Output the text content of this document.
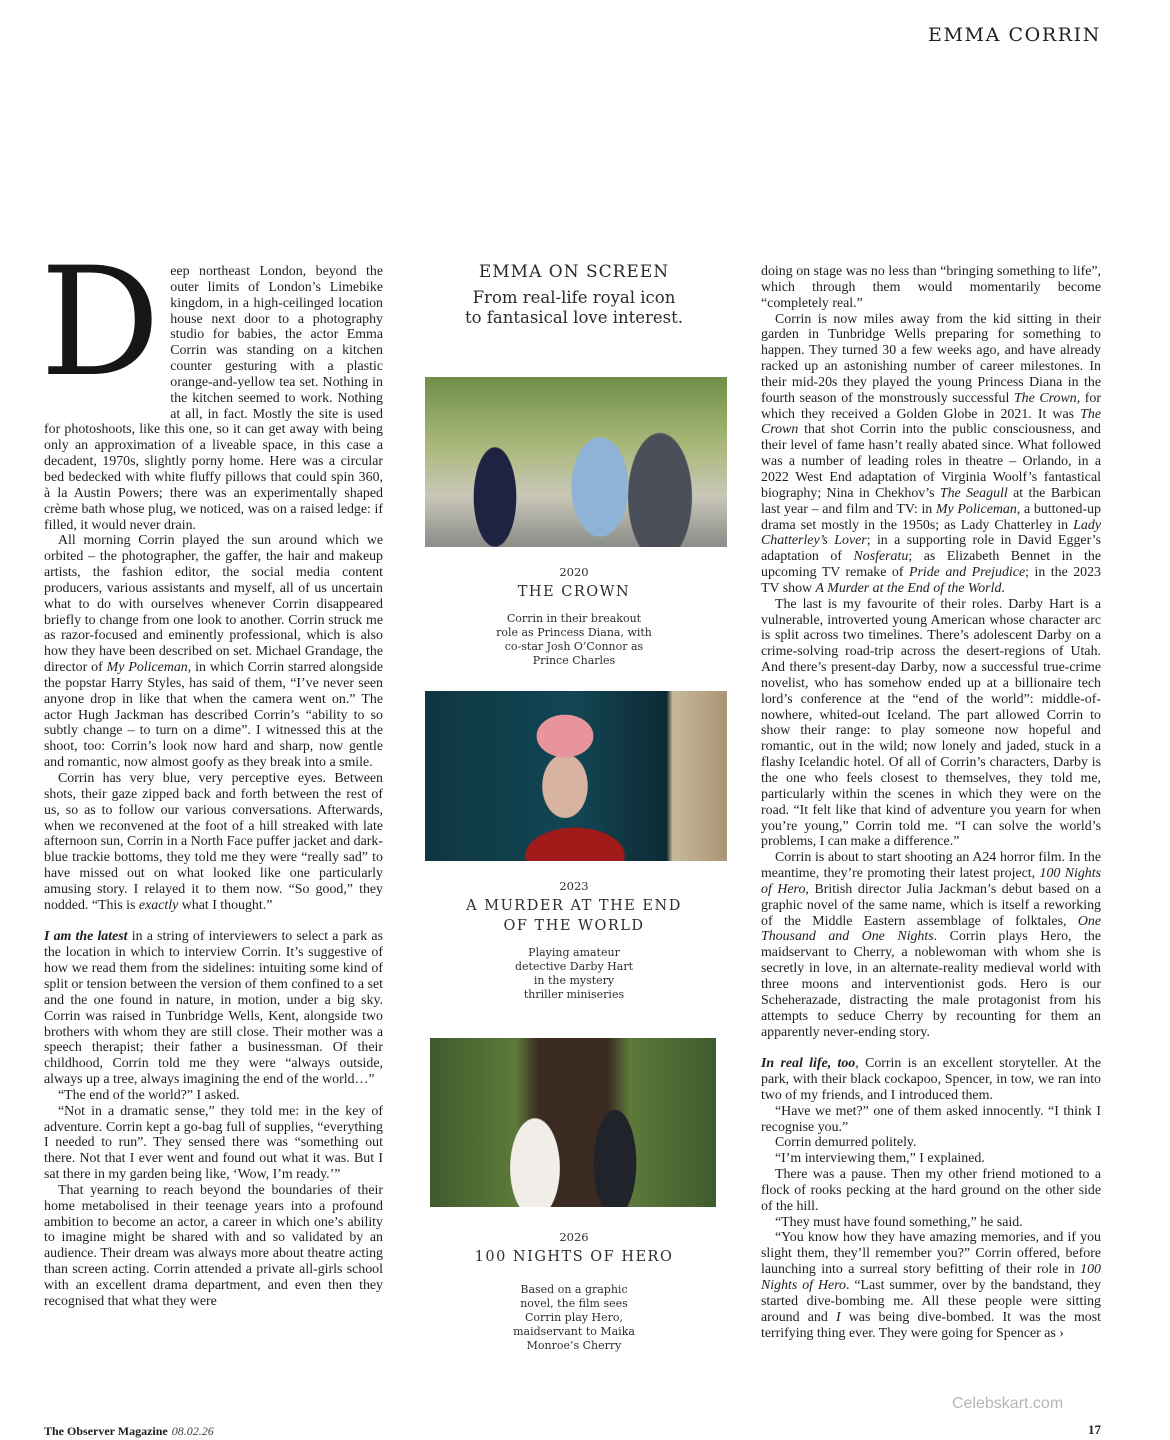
EMMA CORRIN
D eep northeast London, beyond the outer limits of London’s Limebike kingdom, in a high-ceilinged location house next door to a photography studio for babies, the actor Emma Corrin was standing on a kitchen counter gesturing with a plastic orange-and-yellow tea set. Nothing in the kitchen seemed to work. Nothing at all, in fact. Mostly the site is used for photoshoots, like this one, so it can get away with being only an approximation of a liveable space, in this case a decadent, 1970s, slightly porny home. Here was a circular bed bedecked with white fluffy pillows that could spin 360, à la Austin Powers; there was an experimentally shaped crème bath whose plug, we noticed, was on a raised ledge: if filled, it would never drain.

All morning Corrin played the sun around which we orbited – the photographer, the gaffer, the hair and makeup artists, the fashion editor, the social media content producers, various assistants and myself, all of us uncertain what to do with ourselves whenever Corrin disappeared briefly to change from one look to another. Corrin struck me as razor-focused and eminently professional, which is also how they have been described on set. Michael Grandage, the director of My Policeman, in which Corrin starred alongside the popstar Harry Styles, has said of them, “I’ve never seen anyone drop in like that when the camera went on.” The actor Hugh Jackman has described Corrin’s “ability to so subtly change – to turn on a dime”. I witnessed this at the shoot, too: Corrin’s look now hard and sharp, now gentle and romantic, now almost goofy as they break into a smile.

Corrin has very blue, very perceptive eyes. Between shots, their gaze zipped back and forth between the rest of us, so as to follow our various conversations. Afterwards, when we reconvened at the foot of a hill streaked with late afternoon sun, Corrin in a North Face puffer jacket and dark-blue trackie bottoms, they told me they were “really sad” to have missed out on what looked like one particularly amusing story. I relayed it to them now. “So good,” they nodded. “This is exactly what I thought.”

I am the latest in a string of interviewers to select a park as the location in which to interview Corrin. It’s suggestive of how we read them from the sidelines: intuiting some kind of split or tension between the version of them confined to a set and the one found in nature, in motion, under a big sky. Corrin was raised in Tunbridge Wells, Kent, alongside two brothers with whom they are still close. Their mother was a speech therapist; their father a businessman. Of their childhood, Corrin told me they were “always outside, always up a tree, always imagining the end of the world…”

“The end of the world?” I asked.

“Not in a dramatic sense,” they told me: in the key of adventure. Corrin kept a go-bag full of supplies, “everything I needed to run”. They sensed there was “something out there. Not that I ever went and found out what it was. But I sat there in my garden being like, ‘Wow, I’m ready.’”

That yearning to reach beyond the boundaries of their home metabolised in their teenage years into a profound ambition to become an actor, a career in which one’s ability to imagine might be shared with and so validated by an audience. Their dream was always more about theatre acting than screen acting. Corrin attended a private all-girls school with an excellent drama department, and even then they recognised that what they were

EMMA ON SCREEN
From real-life royal icon
to fantasical love interest.
2020
THE CROWN
Corrin in their breakout
role as Princess Diana, with
co-star Josh O’Connor as
Prince Charles
2023
A MURDER AT THE END OF THE WORLD
Playing amateur
detective Darby Hart
in the mystery
thriller miniseries
2026
100 NIGHTS OF HERO
Based on a graphic
novel, the film sees
Corrin play Hero,
maidservant to Maika
Monroe’s Cherry

doing on stage was no less than “bringing something to life”, which through them would momentarily become “completely real.”

Corrin is now miles away from the kid sitting in their garden in Tunbridge Wells preparing for something to happen. They turned 30 a few weeks ago, and have already racked up an astonishing number of career milestones. In their mid-20s they played the young Princess Diana in the fourth season of the monstrously successful The Crown, for which they received a Golden Globe in 2021. It was The Crown that shot Corrin into the public consciousness, and their level of fame hasn’t really abated since. What followed was a number of leading roles in theatre – Orlando, in a 2022 West End adaptation of Virginia Woolf’s fantastical biography; Nina in Chekhov’s The Seagull at the Barbican last year – and film and TV: in My Policeman, a buttoned-up drama set mostly in the 1950s; as Lady Chatterley in Lady Chatterley’s Lover; in a supporting role in David Egger’s adaptation of Nosferatu; as Elizabeth Bennet in the upcoming TV remake of Pride and Prejudice; in the 2023 TV show A Murder at the End of the World.

The last is my favourite of their roles. Darby Hart is a vulnerable, introverted young American whose character arc is split across two timelines. There’s adolescent Darby on a crime-solving road-trip across the desert-regions of Utah. And there’s present-day Darby, now a successful true-crime novelist, who has somehow ended up at a billionaire tech lord’s conference at the “end of the world”: middle-of-nowhere, whited-out Iceland. The part allowed Corrin to show their range: to play someone now hopeful and romantic, out in the wild; now lonely and jaded, stuck in a flashy Icelandic hotel. Of all of Corrin’s characters, Darby is the one who feels closest to themselves, they told me, particularly within the scenes in which they were on the road. “It felt like that kind of adventure you yearn for when you’re young,” Corrin told me. “I can solve the world’s problems, I can make a difference.”

Corrin is about to start shooting an A24 horror film. In the meantime, they’re promoting their latest project, 100 Nights of Hero, British director Julia Jackman’s debut based on a graphic novel of the same name, which is itself a reworking of the Middle Eastern assemblage of folktales, One Thousand and One Nights. Corrin plays Hero, the maidservant to Cherry, a noblewoman with whom she is secretly in love, in an alternate-reality medieval world with three moons and interventionist gods. Hero is our Scheherazade, distracting the male protagonist from his attempts to seduce Cherry by recounting for them an apparently never-ending story.

In real life, too, Corrin is an excellent storyteller. At the park, with their black cockapoo, Spencer, in tow, we ran into two of my friends, and I introduced them.

“Have we met?” one of them asked innocently. “I think I recognise you.”

Corrin demurred politely.

“I’m interviewing them,” I explained.

There was a pause. Then my other friend motioned to a flock of rooks pecking at the hard ground on the other side of the hill.

“They must have found something,” he said.

“You know how they have amazing memories, and if you slight them, they’ll remember you?” Corrin offered, before launching into a surreal story befitting of their role in 100 Nights of Hero. “Last summer, over by the bandstand, they started dive-bombing me. All these people were sitting around and I was being dive-bombed. It was the most terrifying thing ever. They were going for Spencer as ›

Celebskart.com
The Observer Magazine 08.02.26	17
